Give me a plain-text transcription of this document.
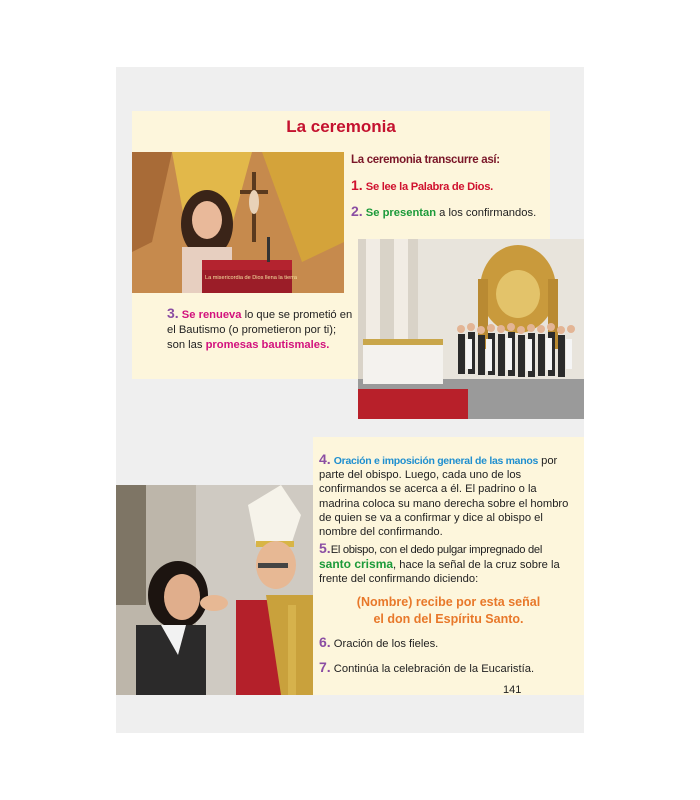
La ceremonia
La misericordia de Dios llena la tierra
La ceremonia transcurre así:
1. Se lee la Palabra de Dios.
2. Se presentan a los confirmandos.
3. Se renueva lo que se prometió en el Bautismo (o prometieron por ti); son las promesas bautismales.
4. Oración e imposición general de las manos por parte del obispo. Luego, cada uno de los confirmandos se acerca a él. El padrino o la madrina coloca su mano derecha sobre el hombro de quien se va a confirmar y dice al obispo el nombre del confirmando.
5.El obispo, con el dedo pulgar impregnado del santo crisma, hace la señal de la cruz sobre la frente del confirmando diciendo:
(Nombre) recibe por esta señal
el don del Espíritu Santo.
6. Oración de los fieles.
7. Continúa la celebración de la Eucaristía.
141
